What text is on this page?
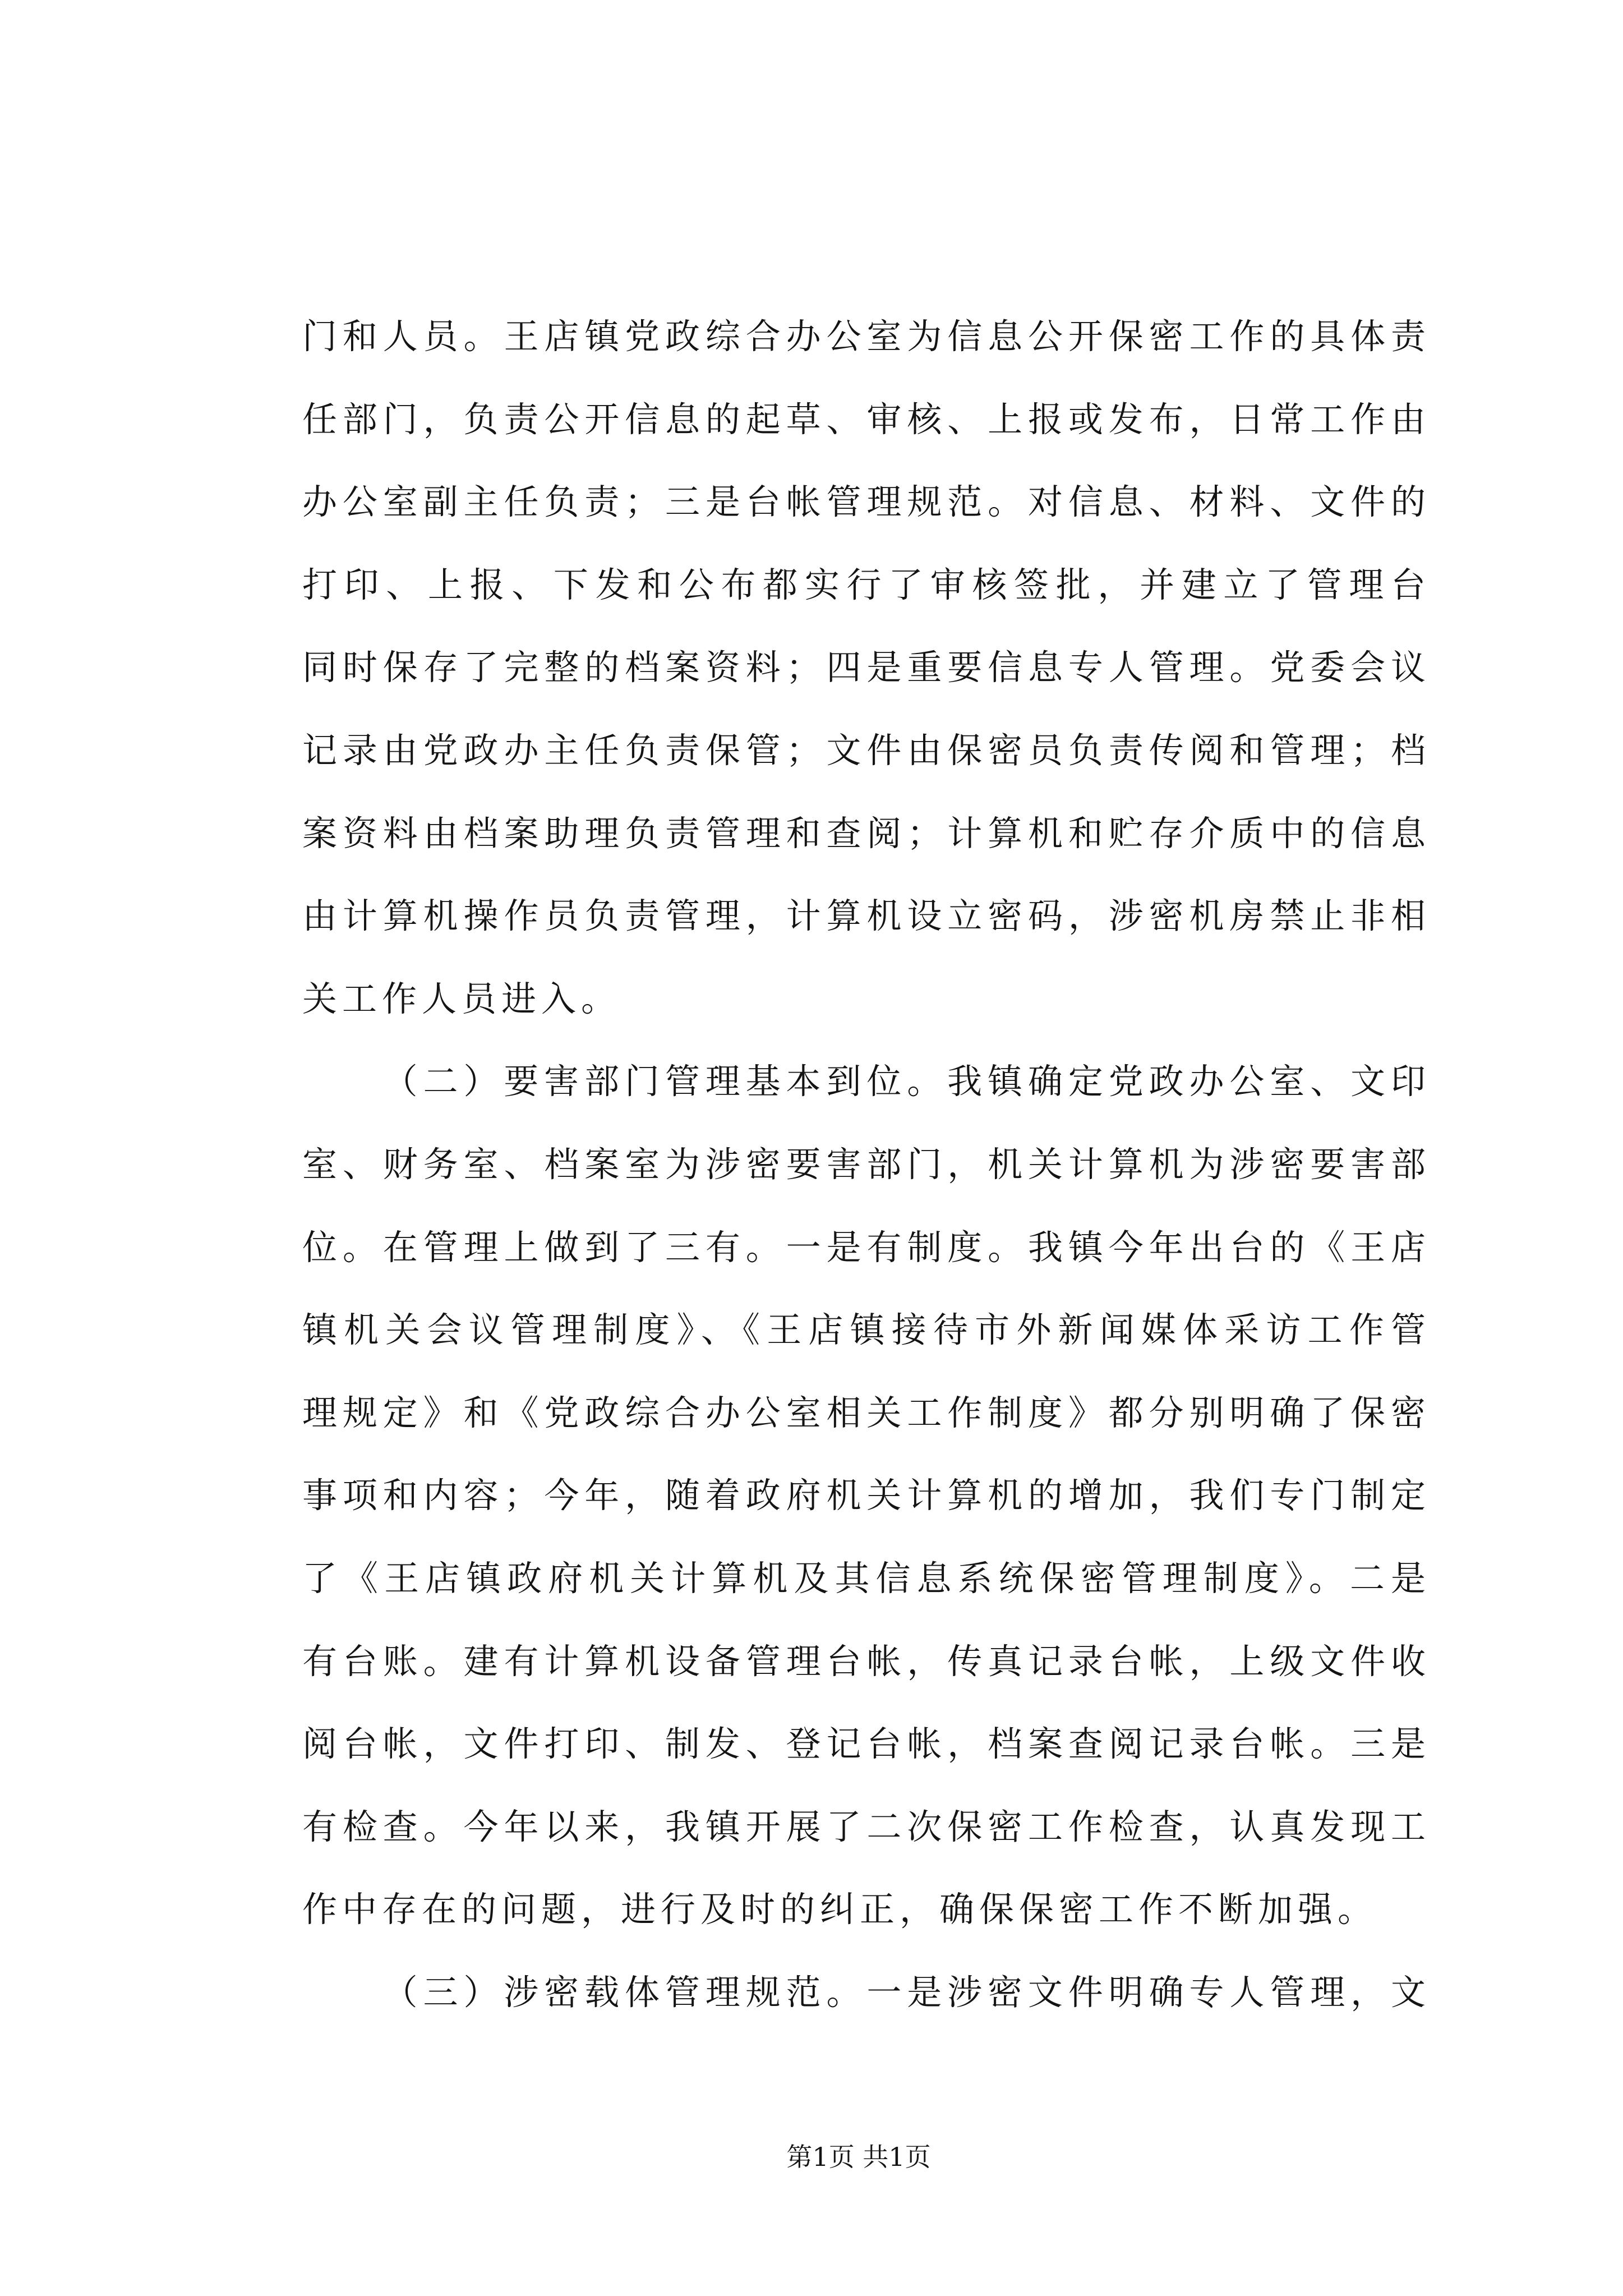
门和人员。王店镇党政综合办公室为信息公开保密工作的具体责
任部门，负责公开信息的起草、审核、上报或发布，日常工作由
办公室副主任负责；三是台帐管理规范。对信息、材料、文件的
打印、上报、下发和公布都实行了审核签批，并建立了管理台
同时保存了完整的档案资料；四是重要信息专人管理。党委会议
记录由党政办主任负责保管；文件由保密员负责传阅和管理；档
案资料由档案助理负责管理和查阅；计算机和贮存介质中的信息
由计算机操作员负责管理，计算机设立密码，涉密机房禁止非相
关工作人员进入。
（二）要害部门管理基本到位。我镇确定党政办公室、文印
室、财务室、档案室为涉密要害部门，机关计算机为涉密要害部
位。在管理上做到了三有。一是有制度。我镇今年出台的《王店
镇机关会议管理制度》、《王店镇接待市外新闻媒体采访工作管
理规定》和《党政综合办公室相关工作制度》都分别明确了保密
事项和内容；今年，随着政府机关计算机的增加，我们专门制定
了《王店镇政府机关计算机及其信息系统保密管理制度》。二是
有台账。建有计算机设备管理台帐，传真记录台帐，上级文件收
阅台帐，文件打印、制发、登记台帐，档案查阅记录台帐。三是
有检查。今年以来，我镇开展了二次保密工作检查，认真发现工
作中存在的问题，进行及时的纠正，确保保密工作不断加强。
（三）涉密载体管理规范。一是涉密文件明确专人管理，文
第1页 共1页
